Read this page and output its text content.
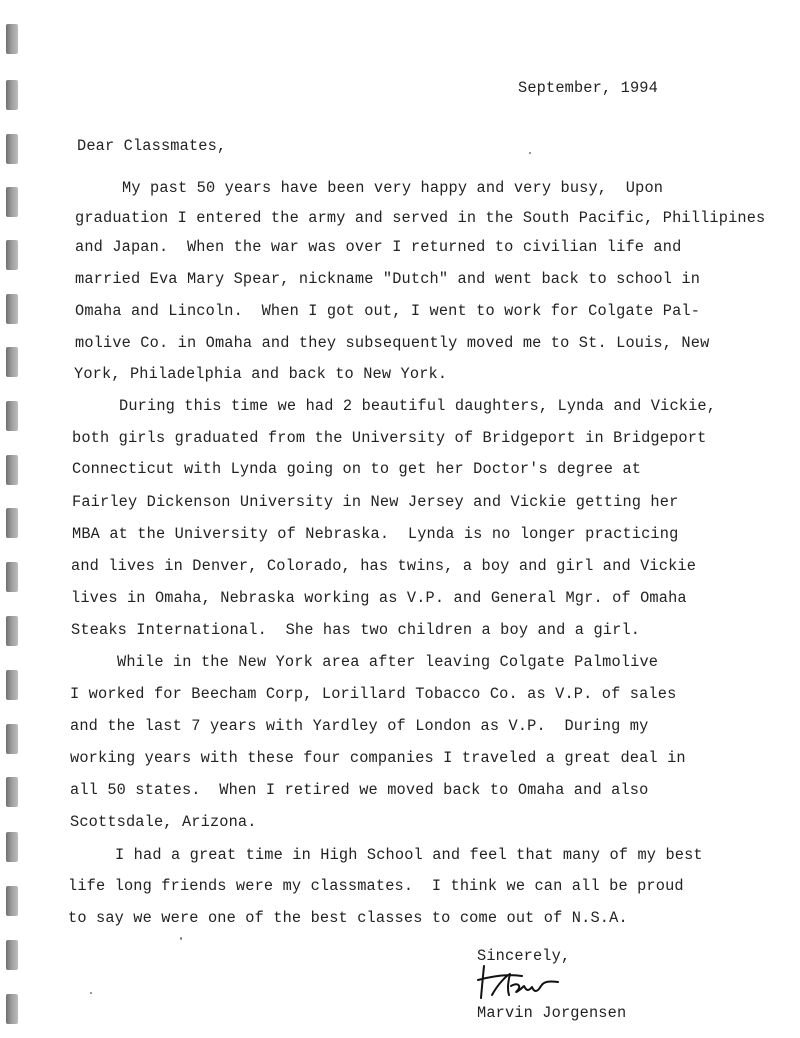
September, 1994
Dear Classmates,
My past 50 years have been very happy and very busy,  Upon
graduation I entered the army and served in the South Pacific, Phillipines
and Japan.  When the war was over I returned to civilian life and
married Eva Mary Spear, nickname "Dutch" and went back to school in
Omaha and Lincoln.  When I got out, I went to work for Colgate Pal-
molive Co. in Omaha and they subsequently moved me to St. Louis, New
York, Philadelphia and back to New York.
During this time we had 2 beautiful daughters, Lynda and Vickie,
both girls graduated from the University of Bridgeport in Bridgeport
Connecticut with Lynda going on to get her Doctor's degree at
Fairley Dickenson University in New Jersey and Vickie getting her
MBA at the University of Nebraska.  Lynda is no longer practicing
and lives in Denver, Colorado, has twins, a boy and girl and Vickie
lives in Omaha, Nebraska working as V.P. and General Mgr. of Omaha
Steaks International.  She has two children a boy and a girl.
While in the New York area after leaving Colgate Palmolive
I worked for Beecham Corp, Lorillard Tobacco Co. as V.P. of sales
and the last 7 years with Yardley of London as V.P.  During my
working years with these four companies I traveled a great deal in
all 50 states.  When I retired we moved back to Omaha and also
Scottsdale, Arizona.
I had a great time in High School and feel that many of my best
life long friends were my classmates.  I think we can all be proud
to say we were one of the best classes to come out of N.S.A.
Sincerely,
Marvin Jorgensen
